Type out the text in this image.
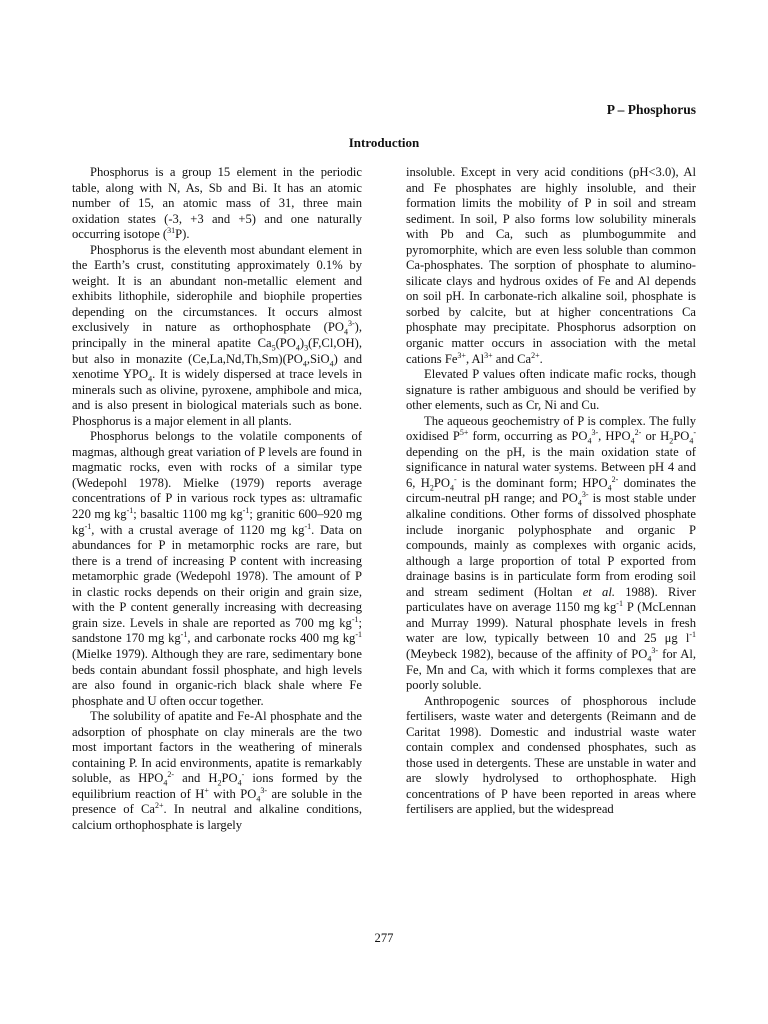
P – Phosphorus

Introduction

Phosphorus is a group 15 element in the periodic table, along with N, As, Sb and Bi. It has an atomic number of 15, an atomic mass of 31, three main oxidation states (-3, +3 and +5) and one naturally occurring isotope ($^{31}$P).

Phosphorus is the eleventh most abundant element in the Earth’s crust, constituting approximately 0.1% by weight. It is an abundant non-metallic element and exhibits lithophile, siderophile and biophile properties depending on the circumstances. It occurs almost exclusively in nature as orthophosphate $(PO_4^{3-})$, principally in the mineral apatite $Ca_5(PO_4)_3(F,Cl,OH)$, but also in monazite $(Ce,La,Nd,Th,Sm)(PO_4,SiO_4)$ and xenotime $YPO_4$. It is widely dispersed at trace levels in minerals such as olivine, pyroxene, amphibole and mica, and is also present in biological materials such as bone. Phosphorus is a major element in all plants.

Phosphorus belongs to the volatile components of magmas, although great variation of P levels are found in magmatic rocks, even with rocks of a similar type (Wedepohl 1978). Mielke (1979) reports average concentrations of P in various rock types as: ultramafic 220 mg $kg^{-1}$; basaltic 1100 mg $kg^{-1}$; granitic 600–920 mg $kg^{-1}$, with a crustal average of 1120 mg $kg^{-1}$. Data on abundances for P in metamorphic rocks are rare, but there is a trend of increasing P content with increasing metamorphic grade (Wedepohl 1978). The amount of P in clastic rocks depends on their origin and grain size, with the P content generally increasing with decreasing grain size. Levels in shale are reported as 700 mg $kg^{-1}$; sandstone 170 mg $kg^{-1}$, and carbonate rocks 400 mg $kg^{-1}$ (Mielke 1979). Although they are rare, sedimentary bone beds contain abundant fossil phosphate, and high levels are also found in organic-rich black shale where Fe phosphate and U often occur together.

The solubility of apatite and Fe-Al phosphate and the adsorption of phosphate on clay minerals are the two most important factors in the weathering of minerals containing P. In acid environments, apatite is remarkably soluble, as $HPO_4^{2-}$ and $H_2PO_4^-$ ions formed by the equilibrium reaction of H+ with $PO_4^{3-}$ are soluble in the presence of $Ca^{2+}$. In neutral and alkaline conditions, calcium orthophosphate is largely

insoluble. Except in very acid conditions (pH<3.0), Al and Fe phosphates are highly insoluble, and their formation limits the mobility of P in soil and stream sediment. In soil, P also forms low solubility minerals with Pb and Ca, such as plumbogummite and pyromorphite, which are even less soluble than common Ca-phosphates. The sorption of phosphate to alumino-silicate clays and hydrous oxides of Fe and Al depends on soil pH. In carbonate-rich alkaline soil, phosphate is sorbed by calcite, but at higher concentrations Ca phosphate may precipitate. Phosphorus adsorption on organic matter occurs in association with the metal cations $Fe^{3+}$, $Al^{3+}$ and $Ca^{2+}$.

Elevated P values often indicate mafic rocks, though signature is rather ambiguous and should be verified by other elements, such as Cr, Ni and Cu.

The aqueous geochemistry of P is complex. The fully oxidised $P^{5+}$ form, occurring as $PO_4^{3-}$, $HPO_4^{2-}$ or $H_2PO_4^-$ depending on the pH, is the main oxidation state of significance in natural water systems. Between pH 4 and 6, $H_2PO_4^-$ is the dominant form; $HPO_4^{2-}$ dominates the circum-neutral pH range; and $PO_4^{3-}$ is most stable under alkaline conditions. Other forms of dissolved phosphate include inorganic polyphosphate and organic P compounds, mainly as complexes with organic acids, although a large proportion of total P exported from drainage basins is in particulate form from eroding soil and stream sediment (Holtan et al. 1988). River particulates have on average 1150 mg $kg^{-1}$ P (McLennan and Murray 1999). Natural phosphate levels in fresh water are low, typically between 10 and 25 μg $l^{-1}$ (Meybeck 1982), because of the affinity of $PO_4^{3-}$ for Al, Fe, Mn and Ca, with which it forms complexes that are poorly soluble.

Anthropogenic sources of phosphorous include fertilisers, waste water and detergents (Reimann and de Caritat 1998). Domestic and industrial waste water contain complex and condensed phosphates, such as those used in detergents. These are unstable in water and are slowly hydrolysed to orthophosphate. High concentrations of P have been reported in areas where fertilisers are applied, but the widespread

277
